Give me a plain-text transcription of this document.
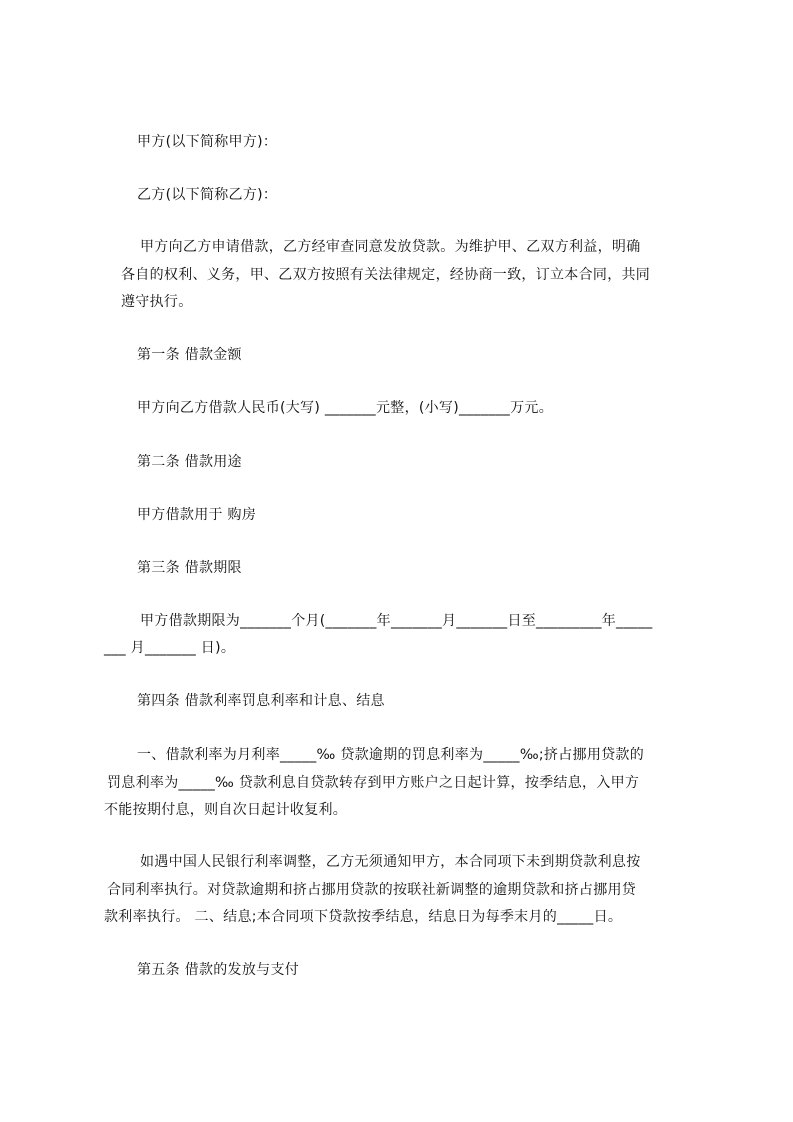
甲方(以下简称甲方)：
乙方(以下简称乙方)：
甲方向乙方申请借款，乙方经审查同意发放贷款。为维护甲、乙双方利益，明确
各自的权利、义务，甲、乙双方按照有关法律规定，经协商一致，订立本合同，共同
遵守执行。
第一条 借款金额
甲方向乙方借款人民币(大写) _______元整，(小写)_______万元。
第二条 借款用途
甲方借款用于 购房
第三条 借款期限
甲方借款期限为_______个月(_______年_______月_______日至_________年_____
___ 月_______ 日)。
第四条 借款利率罚息利率和计息、结息
一、借款利率为月利率_____‰ 贷款逾期的罚息利率为_____‰;挤占挪用贷款的
罚息利率为_____‰ 贷款利息自贷款转存到甲方账户之日起计算，按季结息，入甲方
不能按期付息，则自次日起计收复利。
如遇中国人民银行利率调整，乙方无须通知甲方，本合同项下未到期贷款利息按
合同利率执行。对贷款逾期和挤占挪用贷款的按联社新调整的逾期贷款和挤占挪用贷
款利率执行。 二、结息;本合同项下贷款按季结息，结息日为每季末月的_____日。
第五条 借款的发放与支付
